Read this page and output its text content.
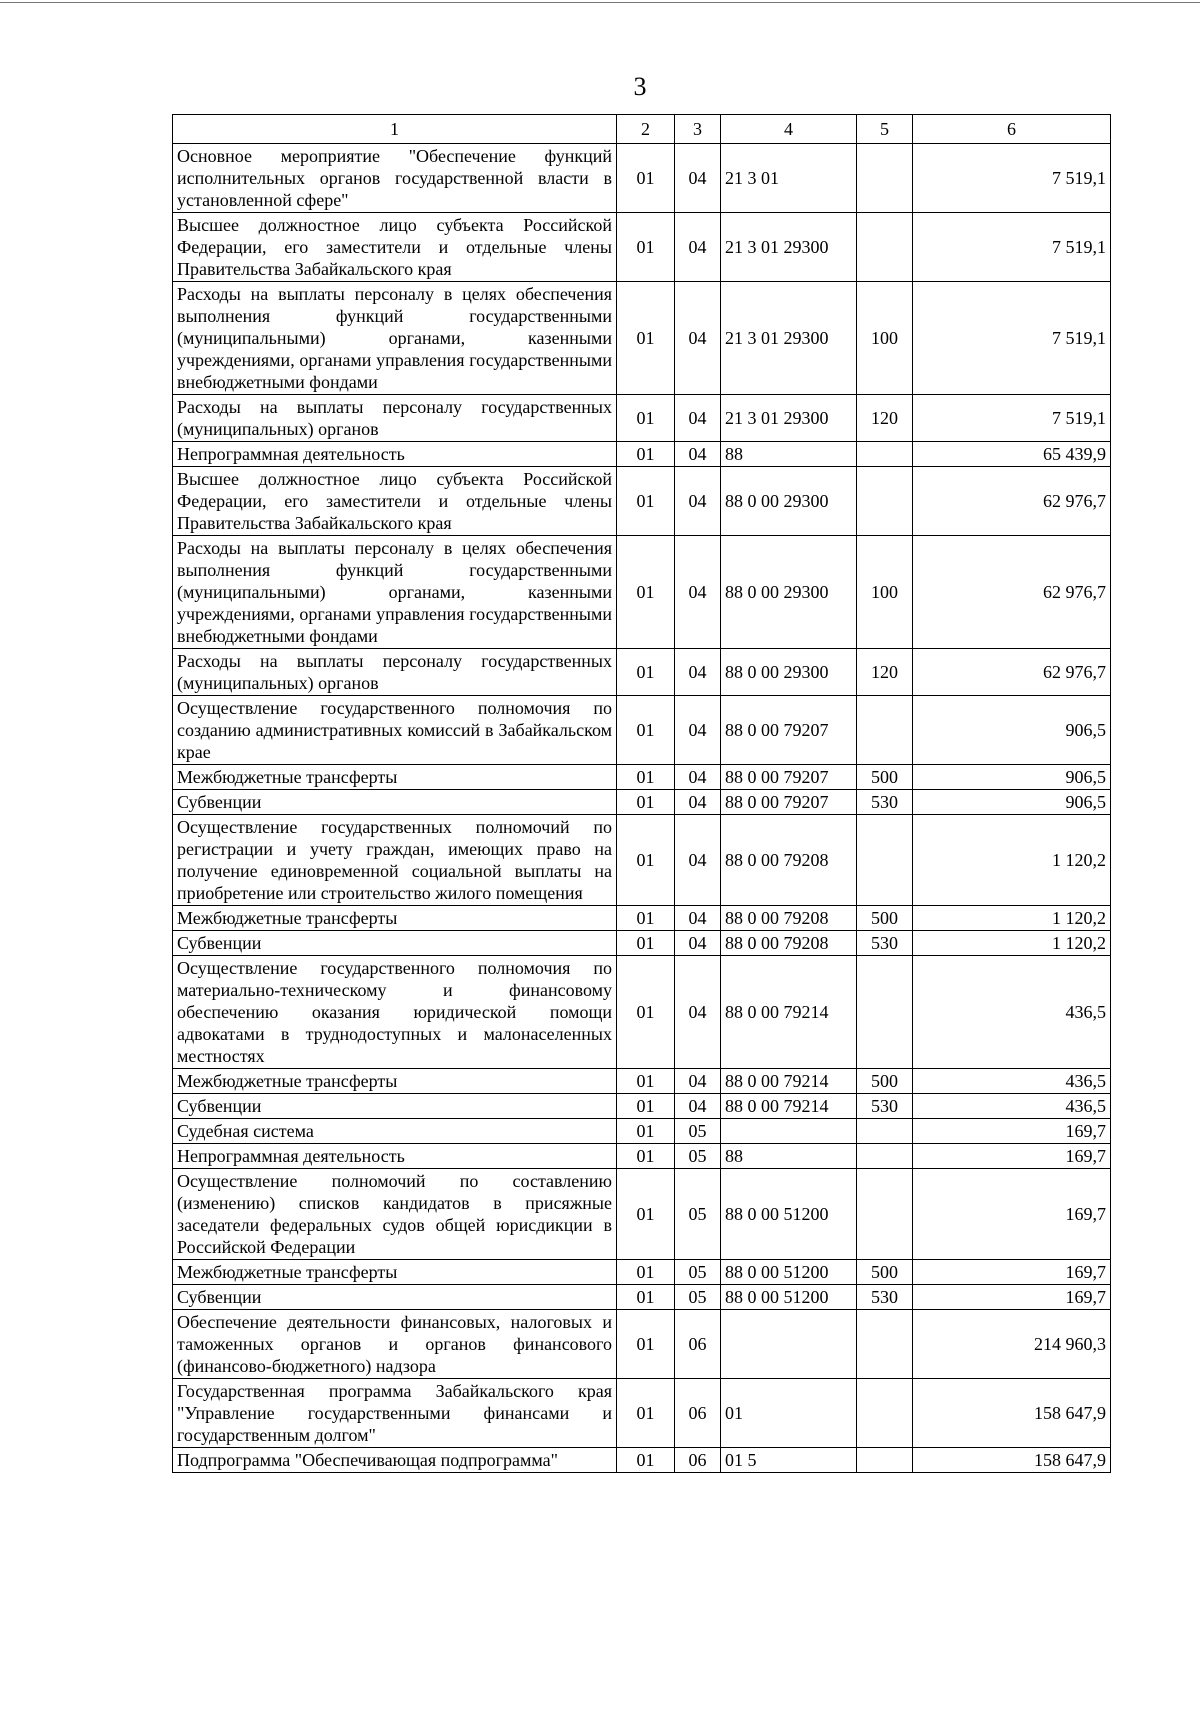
3
1	2	3	4	5	6
Основное мероприятие "Обеспечение функций исполнительных органов государственной власти в установленной сфере"	01	04	21 3 01		7 519,1
Высшее должностное лицо субъекта Российской Федерации, его заместители и отдельные члены Правительства Забайкальского края	01	04	21 3 01 29300		7 519,1
Расходы на выплаты персоналу в целях обеспечения выполнения функций государственными (муниципальными) органами, казенными учреждениями, органами управления государственными внебюджетными фондами	01	04	21 3 01 29300	100	7 519,1
Расходы на выплаты персоналу государственных (муниципальных) органов	01	04	21 3 01 29300	120	7 519,1
Непрограммная деятельность	01	04	88		65 439,9
Высшее должностное лицо субъекта Российской Федерации, его заместители и отдельные члены Правительства Забайкальского края	01	04	88 0 00 29300		62 976,7
Расходы на выплаты персоналу в целях обеспечения выполнения функций государственными (муниципальными) органами, казенными учреждениями, органами управления государственными внебюджетными фондами	01	04	88 0 00 29300	100	62 976,7
Расходы на выплаты персоналу государственных (муниципальных) органов	01	04	88 0 00 29300	120	62 976,7
Осуществление государственного полномочия по созданию административных комиссий в Забайкальском крае	01	04	88 0 00 79207		906,5
Межбюджетные трансферты	01	04	88 0 00 79207	500	906,5
Субвенции	01	04	88 0 00 79207	530	906,5
Осуществление государственных полномочий по регистрации и учету граждан, имеющих право на получение единовременной социальной выплаты на приобретение или строительство жилого помещения	01	04	88 0 00 79208		1 120,2
Межбюджетные трансферты	01	04	88 0 00 79208	500	1 120,2
Субвенции	01	04	88 0 00 79208	530	1 120,2
Осуществление государственного полномочия по материально-техническому и финансовому обеспечению оказания юридической помощи адвокатами в труднодоступных и малонаселенных местностях	01	04	88 0 00 79214		436,5
Межбюджетные трансферты	01	04	88 0 00 79214	500	436,5
Субвенции	01	04	88 0 00 79214	530	436,5
Судебная система	01	05			169,7
Непрограммная деятельность	01	05	88		169,7
Осуществление полномочий по составлению (изменению) списков кандидатов в присяжные заседатели федеральных судов общей юрисдикции в Российской Федерации	01	05	88 0 00 51200		169,7
Межбюджетные трансферты	01	05	88 0 00 51200	500	169,7
Субвенции	01	05	88 0 00 51200	530	169,7
Обеспечение деятельности финансовых, налоговых и таможенных органов и органов финансового (финансово-бюджетного) надзора	01	06			214 960,3
Государственная программа Забайкальского края "Управление государственными финансами и государственным долгом"	01	06	01		158 647,9
Подпрограмма "Обеспечивающая подпрограмма"	01	06	01 5		158 647,9
